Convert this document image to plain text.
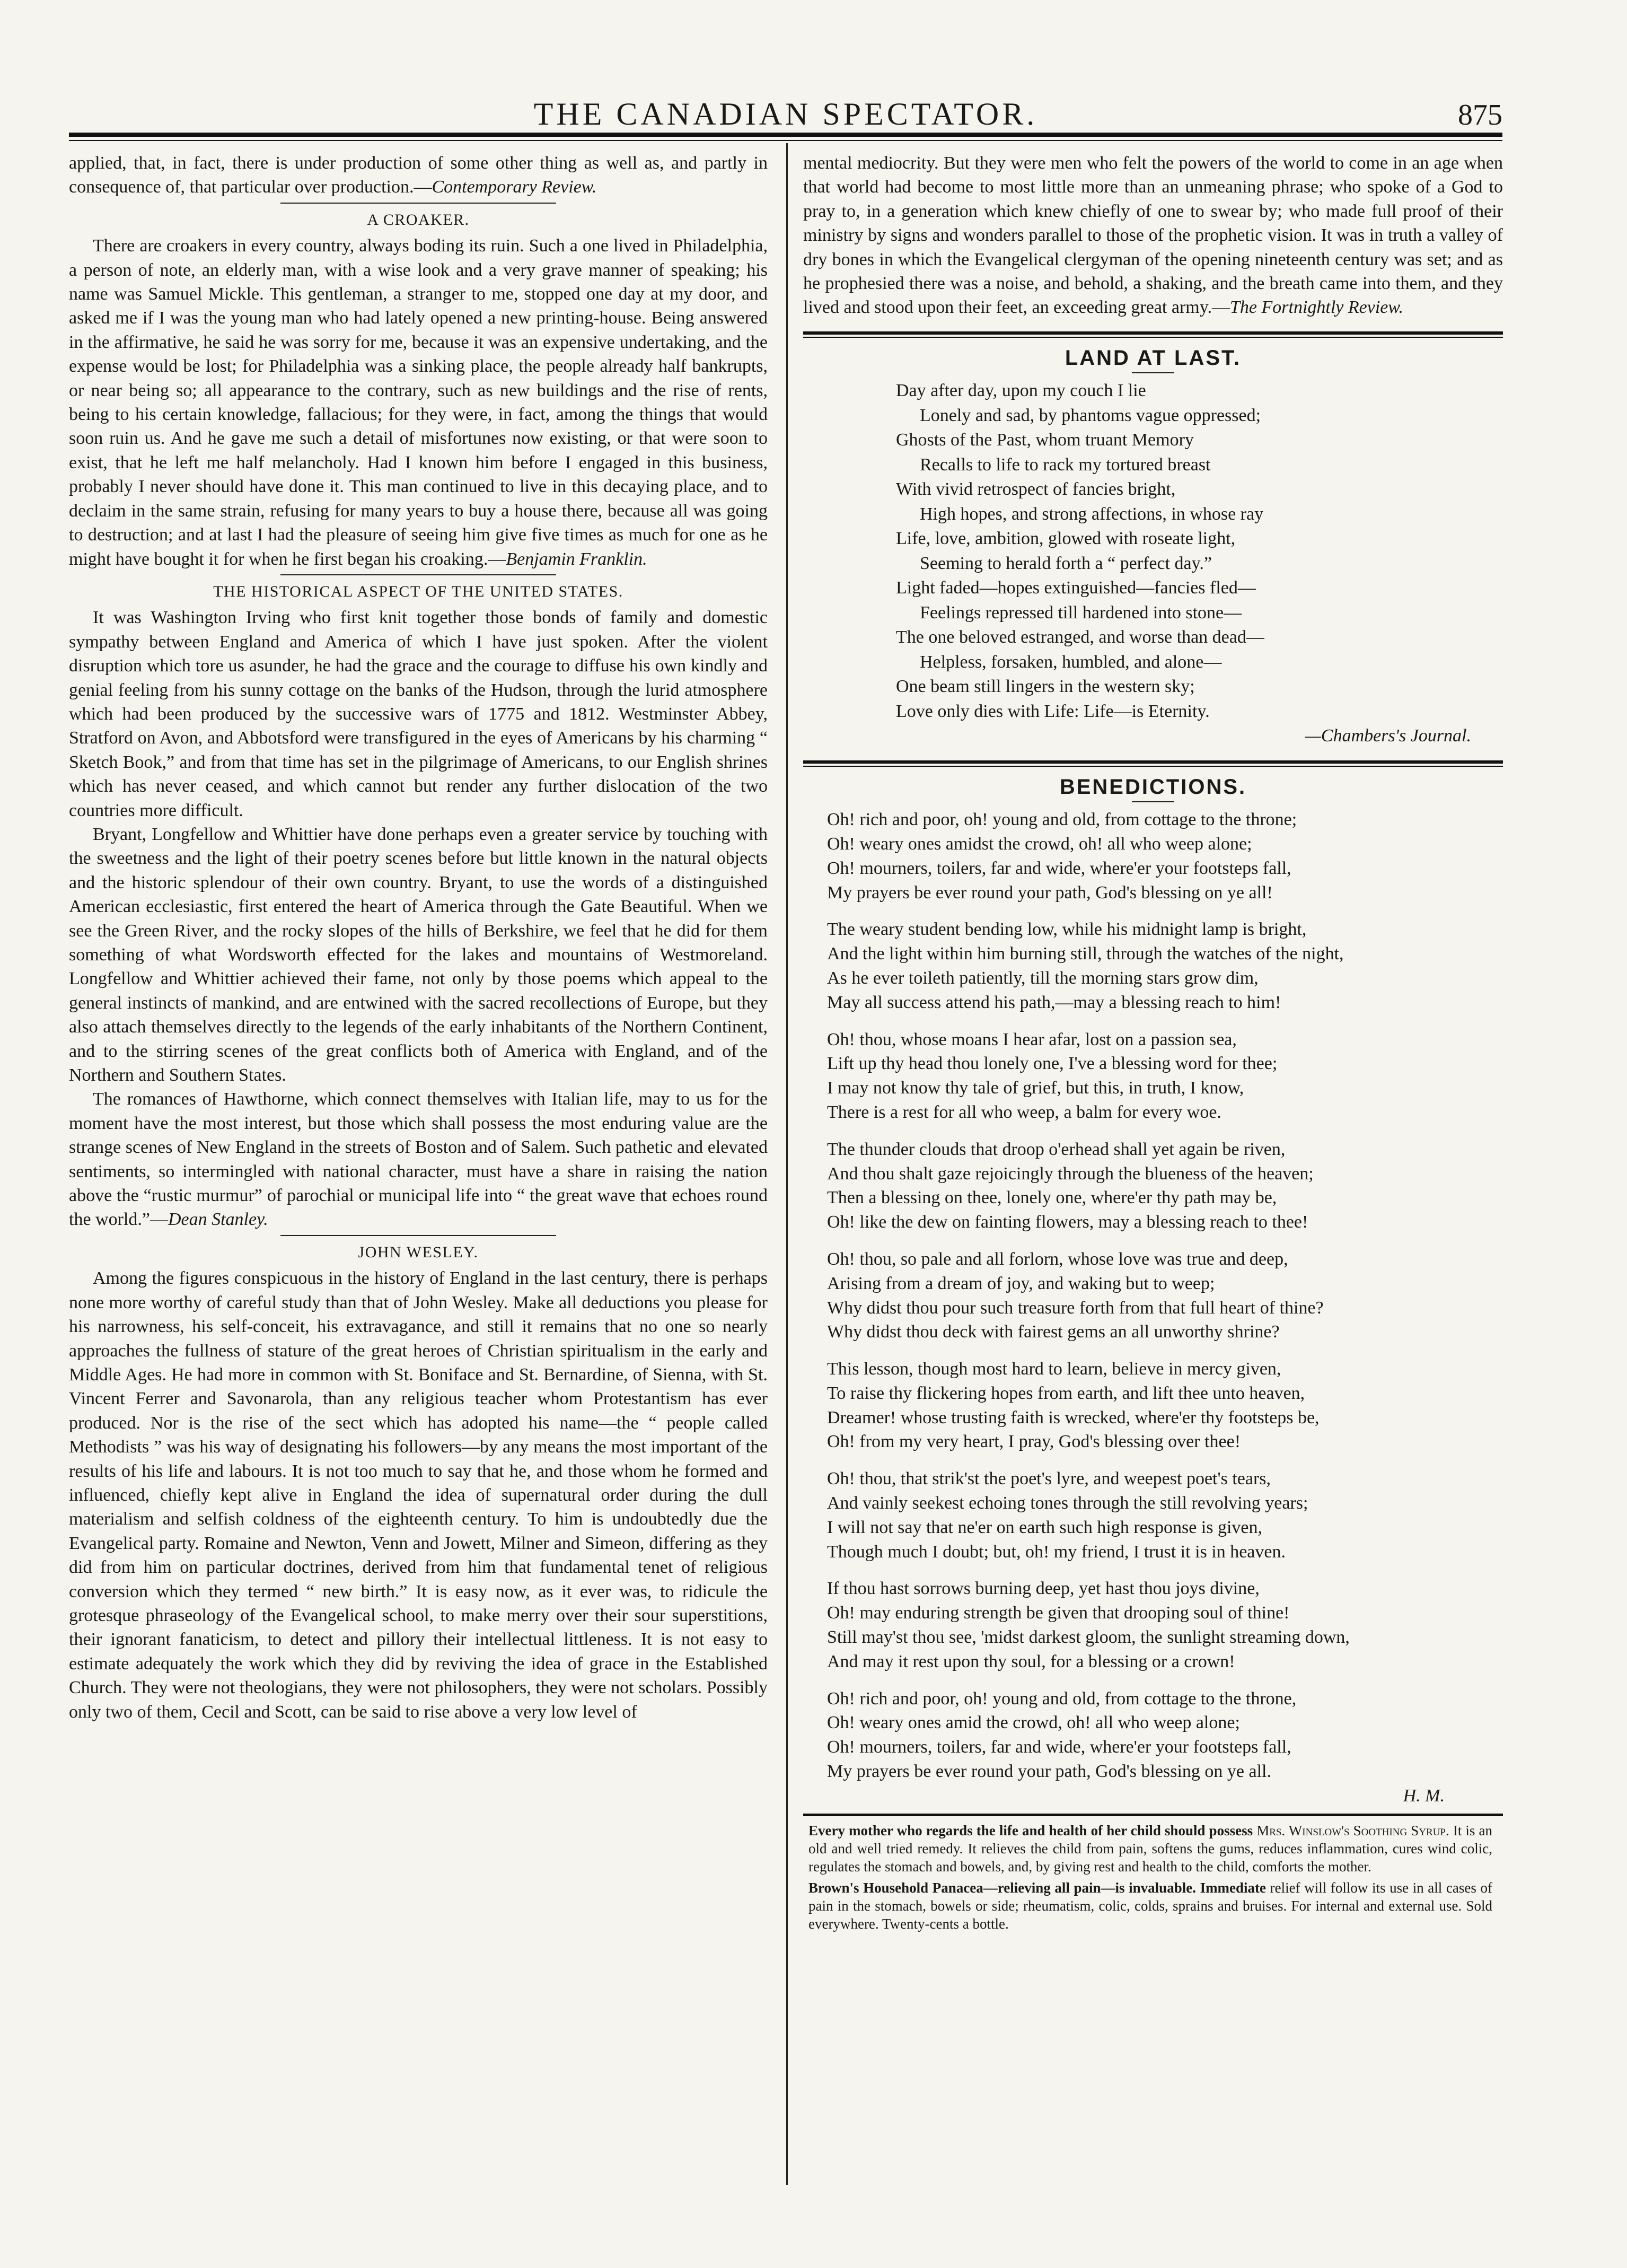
THE CANADIAN SPECTATOR.	875

applied, that, in fact, there is under production of some other thing as well as, and partly in consequence of, that particular over production.—Contemporary Review.

A CROAKER.

There are croakers in every country, always boding its ruin. Such a one lived in Philadelphia, a person of note, an elderly man, with a wise look and a very grave manner of speaking; his name was Samuel Mickle. This gentleman, a stranger to me, stopped one day at my door, and asked me if I was the young man who had lately opened a new printing-house. Being answered in the affirmative, he said he was sorry for me, because it was an expensive undertaking, and the expense would be lost; for Philadelphia was a sinking place, the people already half bankrupts, or near being so; all appearance to the contrary, such as new buildings and the rise of rents, being to his certain knowledge, fallacious; for they were, in fact, among the things that would soon ruin us. And he gave me such a detail of misfortunes now existing, or that were soon to exist, that he left me half melancholy. Had I known him before I engaged in this business, probably I never should have done it. This man continued to live in this decaying place, and to declaim in the same strain, refusing for many years to buy a house there, because all was going to destruction; and at last I had the pleasure of seeing him give five times as much for one as he might have bought it for when he first began his croaking.—Benjamin Franklin.

THE HISTORICAL ASPECT OF THE UNITED STATES.

It was Washington Irving who first knit together those bonds of family and domestic sympathy between England and America of which I have just spoken. After the violent disruption which tore us asunder, he had the grace and the courage to diffuse his own kindly and genial feeling from his sunny cottage on the banks of the Hudson, through the lurid atmosphere which had been produced by the successive wars of 1775 and 1812. Westminster Abbey, Stratford on Avon, and Abbotsford were transfigured in the eyes of Americans by his charming “ Sketch Book,” and from that time has set in the pilgrimage of Americans, to our English shrines which has never ceased, and which cannot but render any further dislocation of the two countries more difficult.

Bryant, Longfellow and Whittier have done perhaps even a greater service by touching with the sweetness and the light of their poetry scenes before but little known in the natural objects and the historic splendour of their own country. Bryant, to use the words of a distinguished American ecclesiastic, first entered the heart of America through the Gate Beautiful. When we see the Green River, and the rocky slopes of the hills of Berkshire, we feel that he did for them something of what Wordsworth effected for the lakes and mountains of Westmoreland. Longfellow and Whittier achieved their fame, not only by those poems which appeal to the general instincts of mankind, and are entwined with the sacred recollections of Europe, but they also attach themselves directly to the legends of the early inhabitants of the Northern Continent, and to the stirring scenes of the great conflicts both of America with England, and of the Northern and Southern States.

The romances of Hawthorne, which connect themselves with Italian life, may to us for the moment have the most interest, but those which shall possess the most enduring value are the strange scenes of New England in the streets of Boston and of Salem. Such pathetic and elevated sentiments, so intermingled with national character, must have a share in raising the nation above the “rustic murmur” of parochial or municipal life into “ the great wave that echoes round the world.”—Dean Stanley.

JOHN WESLEY.

Among the figures conspicuous in the history of England in the last century, there is perhaps none more worthy of careful study than that of John Wesley. Make all deductions you please for his narrowness, his self-conceit, his extravagance, and still it remains that no one so nearly approaches the fullness of stature of the great heroes of Christian spiritualism in the early and Middle Ages. He had more in common with St. Boniface and St. Bernardine, of Sienna, with St. Vincent Ferrer and Savonarola, than any religious teacher whom Protestantism has ever produced. Nor is the rise of the sect which has adopted his name—the “ people called Methodists ” was his way of designating his followers—by any means the most important of the results of his life and labours. It is not too much to say that he, and those whom he formed and influenced, chiefly kept alive in England the idea of supernatural order during the dull materialism and selfish coldness of the eighteenth century. To him is undoubtedly due the Evangelical party. Romaine and Newton, Venn and Jowett, Milner and Simeon, differing as they did from him on particular doctrines, derived from him that fundamental tenet of religious conversion which they termed “ new birth.” It is easy now, as it ever was, to ridicule the grotesque phraseology of the Evangelical school, to make merry over their sour superstitions, their ignorant fanaticism, to detect and pillory their intellectual littleness. It is not easy to estimate adequately the work which they did by reviving the idea of grace in the Established Church. They were not theologians, they were not philosophers, they were not scholars. Possibly only two of them, Cecil and Scott, can be said to rise above a very low level of

mental mediocrity. But they were men who felt the powers of the world to come in an age when that world had become to most little more than an unmeaning phrase; who spoke of a God to pray to, in a generation which knew chiefly of one to swear by; who made full proof of their ministry by signs and wonders parallel to those of the prophetic vision. It was in truth a valley of dry bones in which the Evangelical clergyman of the opening nineteenth century was set; and as he prophesied there was a noise, and behold, a shaking, and the breath came into them, and they lived and stood upon their feet, an exceeding great army.—The Fortnightly Review.

LAND AT LAST.
Day after day, upon my couch I lie
Lonely and sad, by phantoms vague oppressed;
Ghosts of the Past, whom truant Memory
Recalls to life to rack my tortured breast
With vivid retrospect of fancies bright,
High hopes, and strong affections, in whose ray
Life, love, ambition, glowed with roseate light,
Seeming to herald forth a “ perfect day.”
Light faded—hopes extinguished—fancies fled—
Feelings repressed till hardened into stone—
The one beloved estranged, and worse than dead—
Helpless, forsaken, humbled, and alone—
One beam still lingers in the western sky;
Love only dies with Life: Life—is Eternity.
—Chambers's Journal.
BENEDICTIONS.
Oh! rich and poor, oh! young and old, from cottage to the throne;
Oh! weary ones amidst the crowd, oh! all who weep alone;
Oh! mourners, toilers, far and wide, where'er your footsteps fall,
My prayers be ever round your path, God's blessing on ye all!
The weary student bending low, while his midnight lamp is bright,
And the light within him burning still, through the watches of the night,
As he ever toileth patiently, till the morning stars grow dim,
May all success attend his path,—may a blessing reach to him!
Oh! thou, whose moans I hear afar, lost on a passion sea,
Lift up thy head thou lonely one, I've a blessing word for thee;
I may not know thy tale of grief, but this, in truth, I know,
There is a rest for all who weep, a balm for every woe.
The thunder clouds that droop o'erhead shall yet again be riven,
And thou shalt gaze rejoicingly through the blueness of the heaven;
Then a blessing on thee, lonely one, where'er thy path may be,
Oh! like the dew on fainting flowers, may a blessing reach to thee!
Oh! thou, so pale and all forlorn, whose love was true and deep,
Arising from a dream of joy, and waking but to weep;
Why didst thou pour such treasure forth from that full heart of thine?
Why didst thou deck with fairest gems an all unworthy shrine?
This lesson, though most hard to learn, believe in mercy given,
To raise thy flickering hopes from earth, and lift thee unto heaven,
Dreamer! whose trusting faith is wrecked, where'er thy footsteps be,
Oh! from my very heart, I pray, God's blessing over thee!
Oh! thou, that strik'st the poet's lyre, and weepest poet's tears,
And vainly seekest echoing tones through the still revolving years;
I will not say that ne'er on earth such high response is given,
Though much I doubt; but, oh! my friend, I trust it is in heaven.
If thou hast sorrows burning deep, yet hast thou joys divine,
Oh! may enduring strength be given that drooping soul of thine!
Still may'st thou see, 'midst darkest gloom, the sunlight streaming down,
And may it rest upon thy soul, for a blessing or a crown!
Oh! rich and poor, oh! young and old, from cottage to the throne,
Oh! weary ones amid the crowd, oh! all who weep alone;
Oh! mourners, toilers, far and wide, where'er your footsteps fall,
My prayers be ever round your path, God's blessing on ye all.
H. M.
Every mother who regards the life and health of her child should possess Mrs. Winslow's Soothing Syrup. It is an old and well tried remedy. It relieves the child from pain, softens the gums, reduces inflammation, cures wind colic, regulates the stomach and bowels, and, by giving rest and health to the child, comforts the mother.
Brown's Household Panacea—relieving all pain—is invaluable. Immediate relief will follow its use in all cases of pain in the stomach, bowels or side; rheumatism, colic, colds, sprains and bruises. For internal and external use. Sold everywhere. Twenty-cents a bottle.
